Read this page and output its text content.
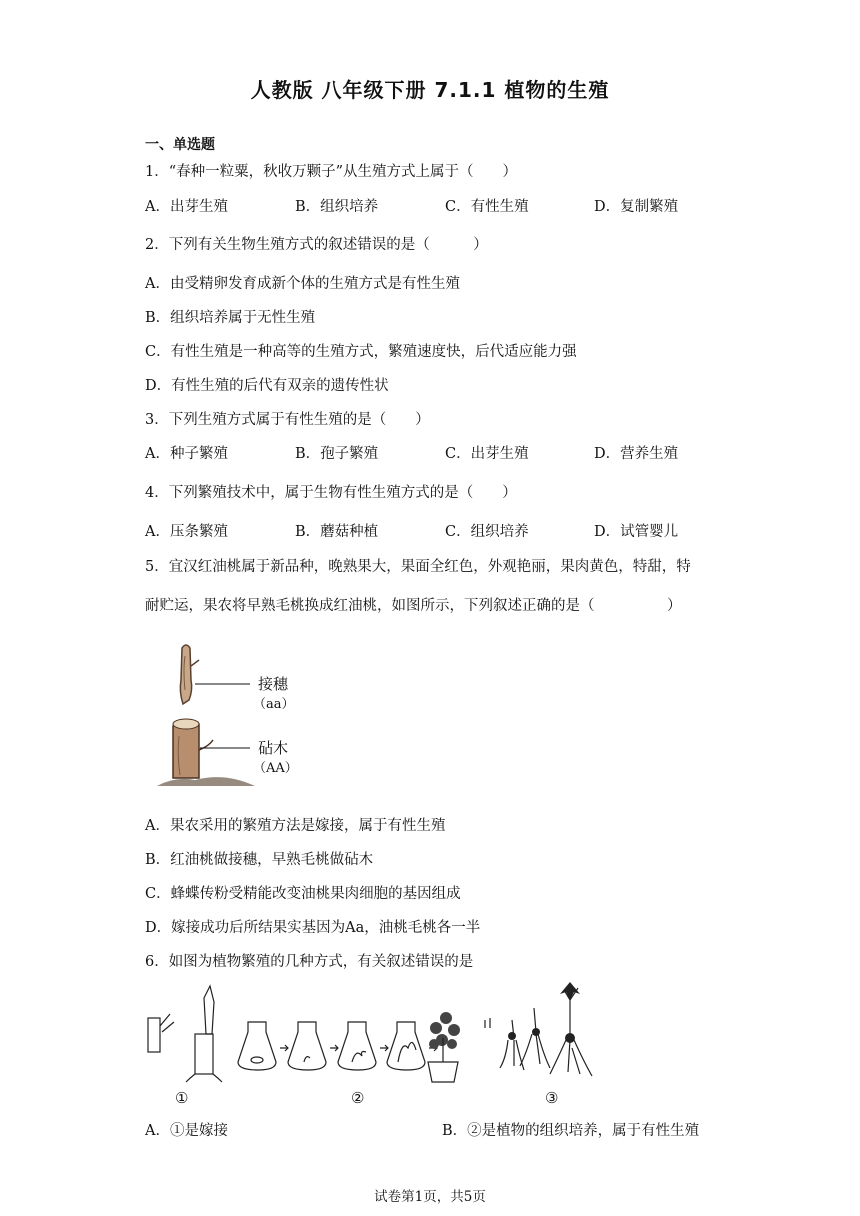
人教版 八年级下册 7.1.1 植物的生殖
一、单选题
1．“春种一粒粟，秋收万颗子”从生殖方式上属于（　　）
A．出芽生殖	B．组织培养	C．有性生殖	D．复制繁殖
2．下列有关生物生殖方式的叙述错误的是（　　　）
A．由受精卵发育成新个体的生殖方式是有性生殖
B．组织培养属于无性生殖
C．有性生殖是一种高等的生殖方式，繁殖速度快，后代适应能力强
D．有性生殖的后代有双亲的遗传性状
3．下列生殖方式属于有性生殖的是（　　）
A．种子繁殖	B．孢子繁殖	C．出芽生殖	D．营养生殖
4．下列繁殖技术中，属于生物有性生殖方式的是（　　）
A．压条繁殖	B．蘑菇种植	C．组织培养	D．试管婴儿
5．宜汉红油桃属于新品种，晚熟果大，果面全红色，外观艳丽，果肉黄色，特甜，特
耐贮运，果农将早熟毛桃换成红油桃，如图所示，下列叙述正确的是（　　　　　）
接穗
（aa）
砧木
（AA）
A．果农采用的繁殖方法是嫁接，属于有性生殖
B．红油桃做接穗，早熟毛桃做砧木
C．蜂蝶传粉受精能改变油桃果肉细胞的基因组成
D．嫁接成功后所结果实基因为Aa，油桃毛桃各一半
6．如图为植物繁殖的几种方式，有关叙述错误的是
①	②	③
A．①是嫁接	B．②是植物的组织培养，属于有性生殖
试卷第1页，共5页
